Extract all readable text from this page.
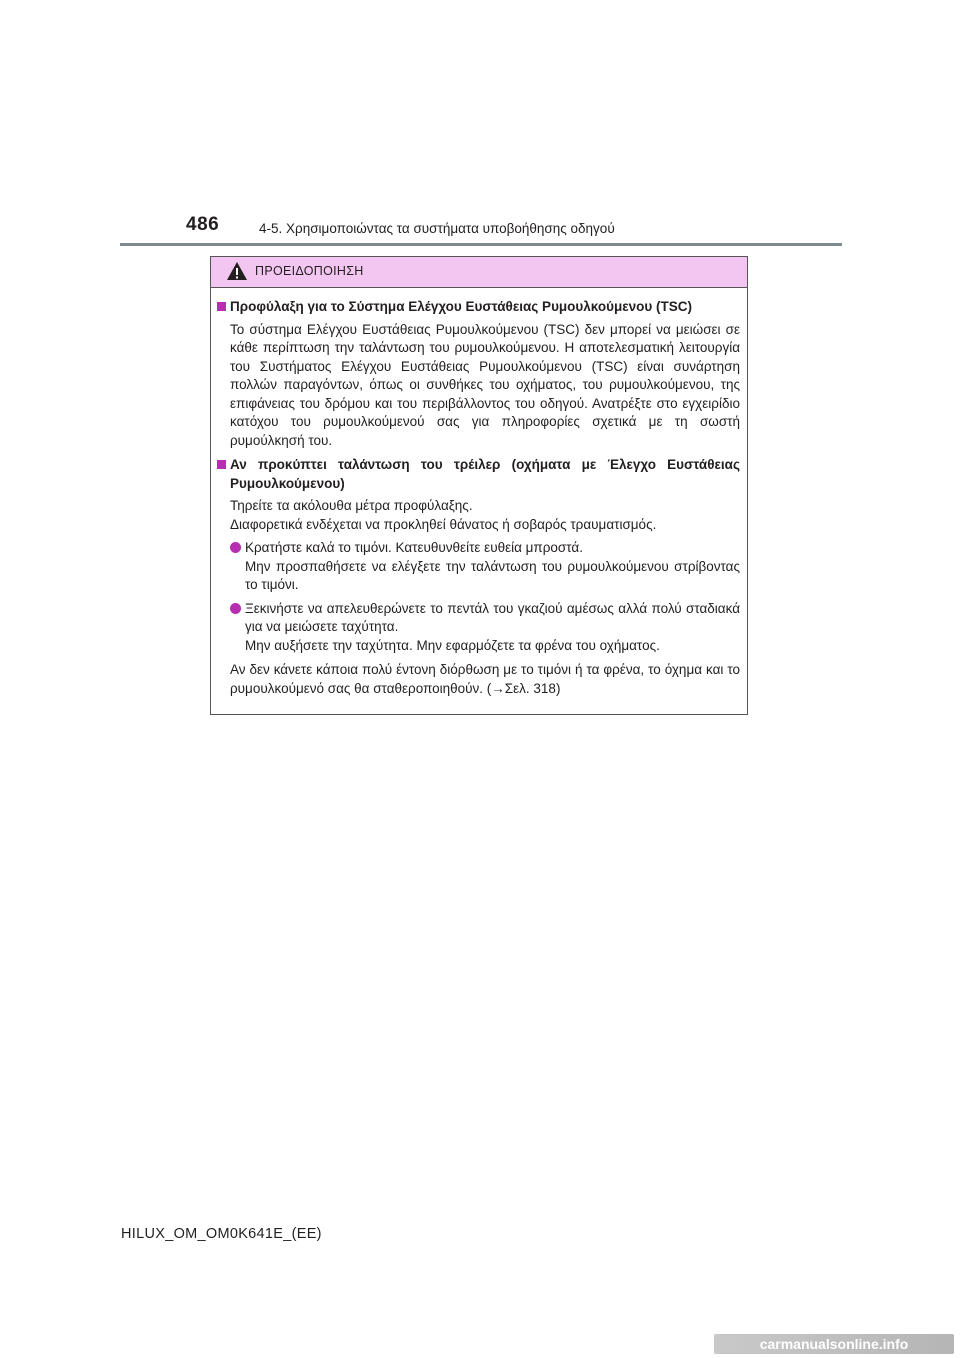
486	4-5. Χρησιμοποιώντας τα συστήματα υποβοήθησης οδηγού
ΠΡΟΕΙΔΟΠΟΙΗΣΗ
Προφύλαξη για το Σύστημα Ελέγχου Ευστάθειας Ρυμουλκούμενου (TSC)
Το σύστημα Ελέγχου Ευστάθειας Ρυμουλκούμενου (TSC) δεν μπορεί να μειώσει σε κάθε περίπτωση την ταλάντωση του ρυμουλκούμενου. Η αποτελεσματική λειτουργία του Συστήματος Ελέγχου Ευστάθειας Ρυμουλκούμενου (TSC) είναι συνάρτηση πολλών παραγόντων, όπως οι συνθήκες του οχήματος, του ρυμουλκούμενου, της επιφάνειας του δρόμου και του περιβάλλοντος του οδηγού. Ανατρέξτε στο εγχειρίδιο κατόχου του ρυμουλκούμενού σας για πληροφορίες σχετικά με τη σωστή ρυμούλκησή του.
Αν προκύπτει ταλάντωση του τρέιλερ (οχήματα με Έλεγχο Ευστάθειας Ρυμουλκούμενου)
Τηρείτε τα ακόλουθα μέτρα προφύλαξης.
Διαφορετικά ενδέχεται να προκληθεί θάνατος ή σοβαρός τραυματισμός.
Κρατήστε καλά το τιμόνι. Κατευθυνθείτε ευθεία μπροστά.
Μην προσπαθήσετε να ελέγξετε την ταλάντωση του ρυμουλκούμενου στρίβοντας το τιμόνι.
Ξεκινήστε να απελευθερώνετε το πεντάλ του γκαζιού αμέσως αλλά πολύ σταδιακά για να μειώσετε ταχύτητα.
Μην αυξήσετε την ταχύτητα. Μην εφαρμόζετε τα φρένα του οχήματος.
Αν δεν κάνετε κάποια πολύ έντονη διόρθωση με το τιμόνι ή τα φρένα, το όχημα και το ρυμουλκούμενό σας θα σταθεροποιηθούν. (→Σελ. 318)
HILUX_OM_OM0K641E_(EE)
carmanualsonline.info
